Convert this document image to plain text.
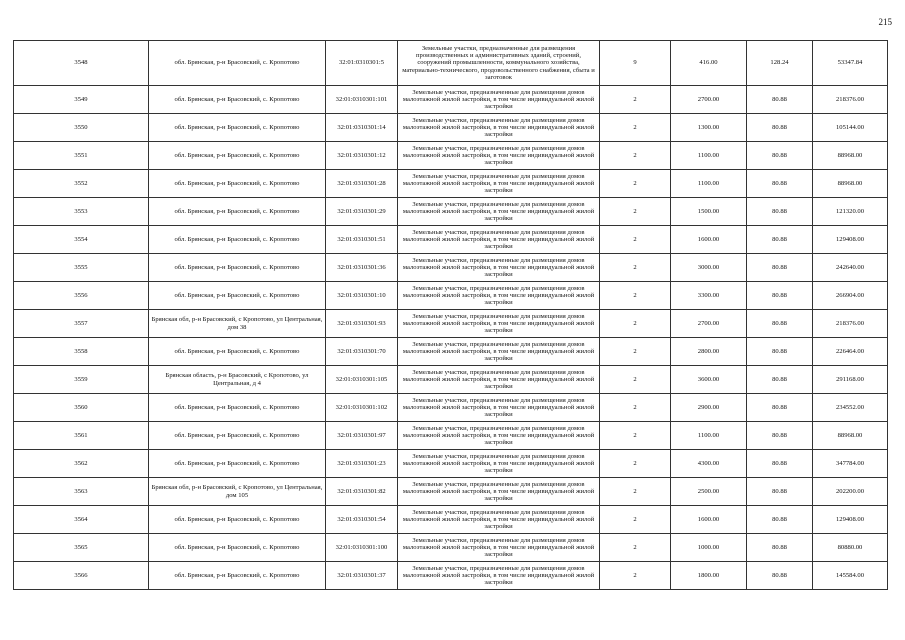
215
3548	обл. Брянская, р-н Брасовский, с. Кропотово	32:01:0310301:5	Земельные участки, предназначенные для размещения производственных и административных зданий, строений, сооружений промышленности, коммунального хозяйства, материально-технического, продовольственного снабжения, сбыта и заготовок	9	416.00	128.24	53347.84
3549	обл. Брянская, р-н Брасовский, с. Кропотово	32:01:0310301:101	Земельные участки, предназначенные для размещения домов малоэтажной жилой застройки, в том числе индивидуальной жилой застройки	2	2700.00	80.88	218376.00
3550	обл. Брянская, р-н Брасовский, с. Кропотово	32:01:0310301:14	Земельные участки, предназначенные для размещения домов малоэтажной жилой застройки, в том числе индивидуальной жилой застройки	2	1300.00	80.88	105144.00
3551	обл. Брянская, р-н Брасовский, с. Кропотово	32:01:0310301:12	Земельные участки, предназначенные для размещения домов малоэтажной жилой застройки, в том числе индивидуальной жилой застройки	2	1100.00	80.88	88968.00
3552	обл. Брянская, р-н Брасовский, с. Кропотово	32:01:0310301:28	Земельные участки, предназначенные для размещения домов малоэтажной жилой застройки, в том числе индивидуальной жилой застройки	2	1100.00	80.88	88968.00
3553	обл. Брянская, р-н Брасовский, с. Кропотово	32:01:0310301:29	Земельные участки, предназначенные для размещения домов малоэтажной жилой застройки, в том числе индивидуальной жилой застройки	2	1500.00	80.88	121320.00
3554	обл. Брянская, р-н Брасовский, с. Кропотово	32:01:0310301:51	Земельные участки, предназначенные для размещения домов малоэтажной жилой застройки, в том числе индивидуальной жилой застройки	2	1600.00	80.88	129408.00
3555	обл. Брянская, р-н Брасовский, с. Кропотово	32:01:0310301:36	Земельные участки, предназначенные для размещения домов малоэтажной жилой застройки, в том числе индивидуальной жилой застройки	2	3000.00	80.88	242640.00
3556	обл. Брянская, р-н Брасовский, с. Кропотово	32:01:0310301:10	Земельные участки, предназначенные для размещения домов малоэтажной жилой застройки, в том числе индивидуальной жилой застройки	2	3300.00	80.88	266904.00
3557	Брянская обл, р-н Брасовский, с Кропотово, ул Центральная, дом 38	32:01:0310301:93	Земельные участки, предназначенные для размещения домов малоэтажной жилой застройки, в том числе индивидуальной жилой застройки	2	2700.00	80.88	218376.00
3558	обл. Брянская, р-н Брасовский, с. Кропотово	32:01:0310301:70	Земельные участки, предназначенные для размещения домов малоэтажной жилой застройки, в том числе индивидуальной жилой застройки	2	2800.00	80.88	226464.00
3559	Брянская область, р-н Брасовский, с Кропотово, ул Центральная, д 4	32:01:0310301:105	Земельные участки, предназначенные для размещения домов малоэтажной жилой застройки, в том числе индивидуальной жилой застройки	2	3600.00	80.88	291168.00
3560	обл. Брянская, р-н Брасовский, с. Кропотово	32:01:0310301:102	Земельные участки, предназначенные для размещения домов малоэтажной жилой застройки, в том числе индивидуальной жилой застройки	2	2900.00	80.88	234552.00
3561	обл. Брянская, р-н Брасовский, с. Кропотово	32:01:0310301:97	Земельные участки, предназначенные для размещения домов малоэтажной жилой застройки, в том числе индивидуальной жилой застройки	2	1100.00	80.88	88968.00
3562	обл. Брянская, р-н Брасовский, с. Кропотово	32:01:0310301:23	Земельные участки, предназначенные для размещения домов малоэтажной жилой застройки, в том числе индивидуальной жилой застройки	2	4300.00	80.88	347784.00
3563	Брянская обл, р-н Брасовский, с Кропотово, ул Центральная, дом 105	32:01:0310301:82	Земельные участки, предназначенные для размещения домов малоэтажной жилой застройки, в том числе индивидуальной жилой застройки	2	2500.00	80.88	202200.00
3564	обл. Брянская, р-н Брасовский, с. Кропотово	32:01:0310301:54	Земельные участки, предназначенные для размещения домов малоэтажной жилой застройки, в том числе индивидуальной жилой застройки	2	1600.00	80.88	129408.00
3565	обл. Брянская, р-н Брасовский, с. Кропотово	32:01:0310301:100	Земельные участки, предназначенные для размещения домов малоэтажной жилой застройки, в том числе индивидуальной жилой застройки	2	1000.00	80.88	80880.00
3566	обл. Брянская, р-н Брасовский, с. Кропотово	32:01:0310301:37	Земельные участки, предназначенные для размещения домов малоэтажной жилой застройки, в том числе индивидуальной жилой застройки	2	1800.00	80.88	145584.00
